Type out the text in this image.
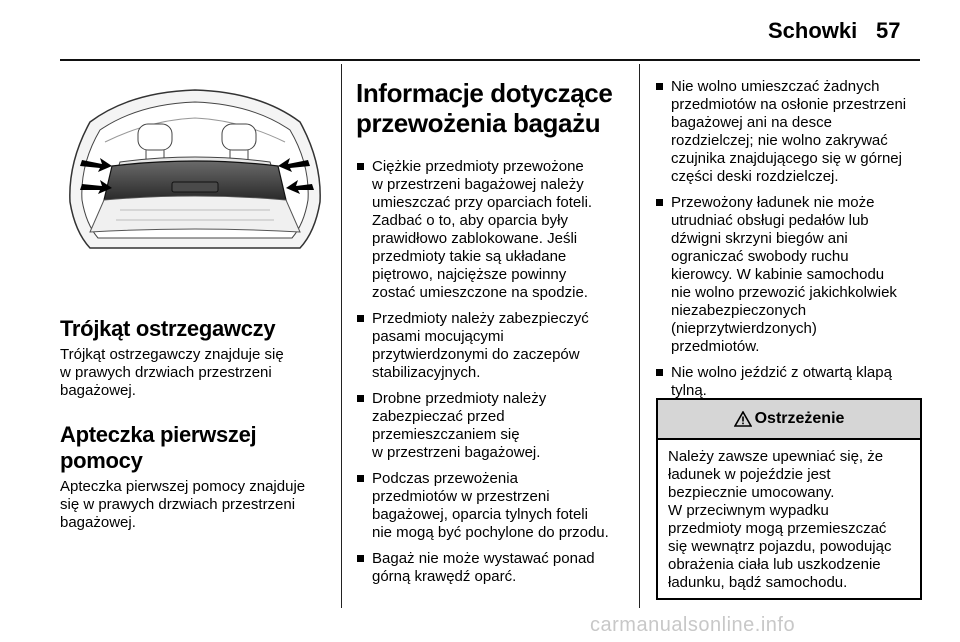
Schowki 57
Trójkąt ostrzegawczy

Trójkąt ostrzegawczy znajduje się
w prawych drzwiach przestrzeni
bagażowej.

Apteczka pierwszej
pomocy

Apteczka pierwszej pomocy znajduje
się w prawych drzwiach przestrzeni
bagażowej.

Informacje dotyczące
przewożenia bagażu
Ciężkie przedmioty przewożone
w przestrzeni bagażowej należy
umieszczać przy oparciach foteli.
Zadbać o to, aby oparcia były
prawidłowo zablokowane. Jeśli
przedmioty takie są układane
piętrowo, najcięższe powinny
zostać umieszczone na spodzie.
Przedmioty należy zabezpieczyć
pasami mocującymi
przytwierdzonymi do zaczepów
stabilizacyjnych.
Drobne przedmioty należy
zabezpieczać przed
przemieszczaniem się
w przestrzeni bagażowej.
Podczas przewożenia
przedmiotów w przestrzeni
bagażowej, oparcia tylnych foteli
nie mogą być pochylone do przodu.
Bagaż nie może wystawać ponad
górną krawędź oparć.
Nie wolno umieszczać żadnych
przedmiotów na osłonie przestrzeni
bagażowej ani na desce
rozdzielczej; nie wolno zakrywać
czujnika znajdującego się w górnej
części deski rozdzielczej.
Przewożony ładunek nie może
utrudniać obsługi pedałów lub
dźwigni skrzyni biegów ani
ograniczać swobody ruchu
kierowcy. W kabinie samochodu
nie wolno przewozić jakichkolwiek
niezabezpieczonych
(nieprzytwierdzonych)
przedmiotów.
Nie wolno jeździć z otwartą klapą
tylną.
Ostrzeżenie
Należy zawsze upewniać się, że
ładunek w pojeździe jest
bezpiecznie umocowany.
W przeciwnym wypadku
przedmioty mogą przemieszczać
się wewnątrz pojazdu, powodując
obrażenia ciała lub uszkodzenie
ładunku, bądź samochodu.
carmanualsonline.info
